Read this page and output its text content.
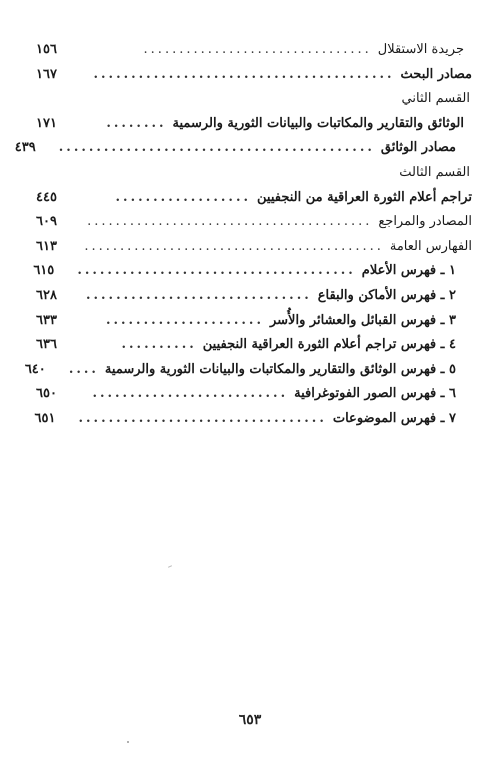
جريدة الاستقلال
................................
١٥٦
مصادر البحث
........................................
١٦٧
القسم الثاني
الوثائق والتقارير والمكاتبات والبيانات الثورية والرسمية
........
١٧١
مصادر الوثائق
..........................................
٤٣٩
القسم الثالث
تراجم أعلام الثورة العراقية من النجفيين
..................
٤٤٥
المصادر والمراجع
........................................
٦٠٩
الفهارس العامة
..........................................
٦١٣
١ ـ فهرس الأعلام
.....................................
٦١٥
٢ ـ فهرس الأماكن والبقاع
..............................
٦٢٨
٣ ـ فهرس القبائل والعشائر والأُسر
.....................
٦٣٣
٤ ـ فهرس تراجم أعلام الثورة العراقية النجفيين
..........
٦٣٦
٥ ـ فهرس الوثائق والتقارير والمكاتبات والبيانات الثورية والرسمية
....
٦٤٠
٦ ـ فهرس الصور الفوتوغرافية
..........................
٦٥٠
٧ ـ فهرس الموضوعات
.................................
٦٥١
٦٥٣
